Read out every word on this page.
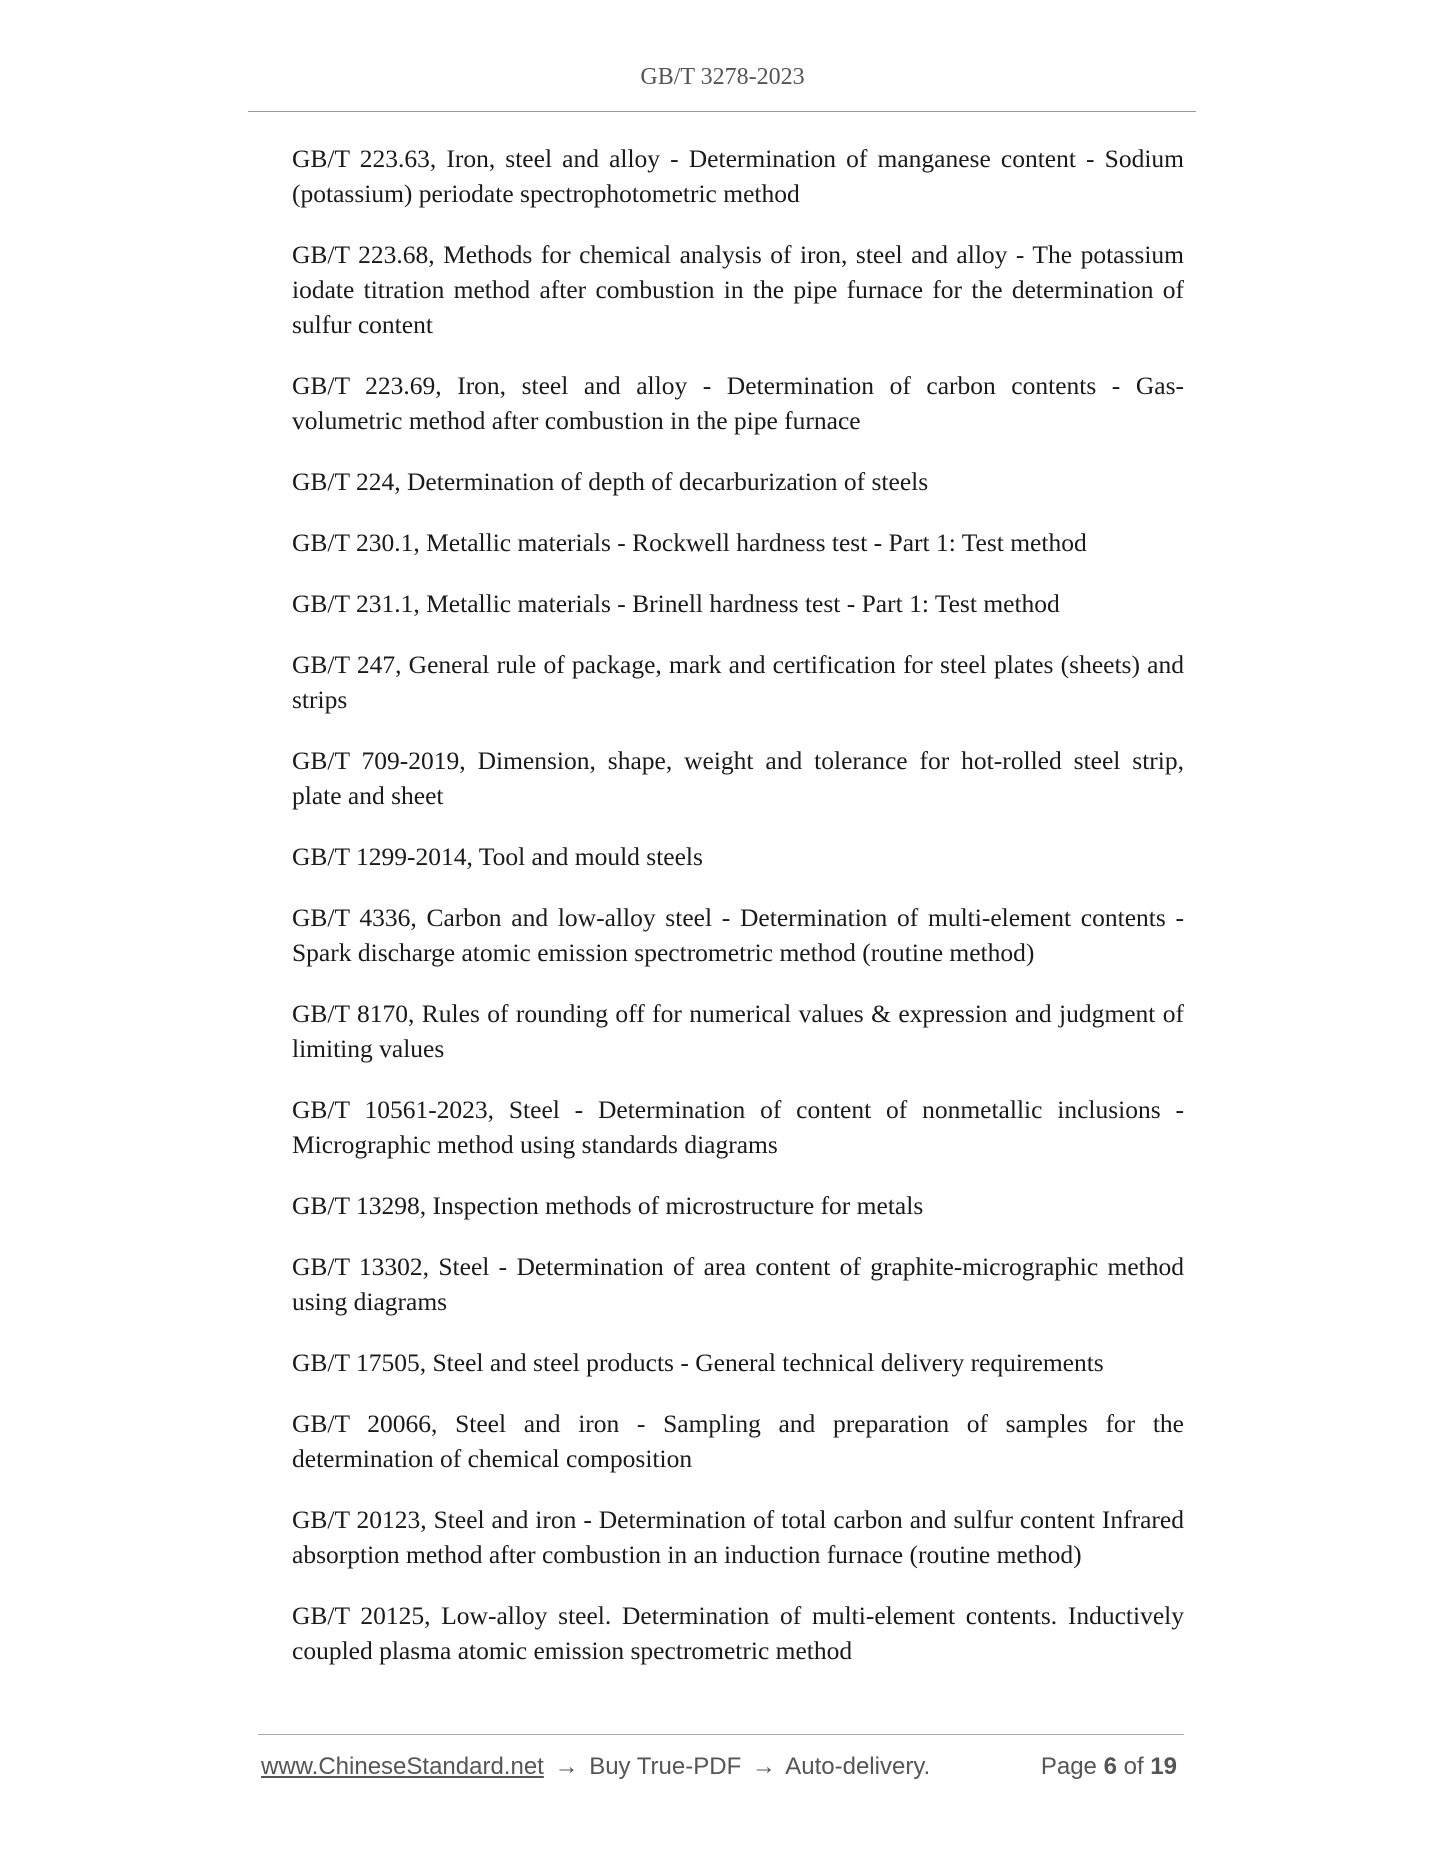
GB/T 3278-2023

GB/T 223.63, Iron, steel and alloy - Determination of manganese content - Sodium (potassium) periodate spectrophotometric method

GB/T 223.68, Methods for chemical analysis of iron, steel and alloy - The potassium iodate titration method after combustion in the pipe furnace for the determination of sulfur content

GB/T 223.69, Iron, steel and alloy - Determination of carbon contents - Gas-volumetric method after combustion in the pipe furnace

GB/T 224, Determination of depth of decarburization of steels

GB/T 230.1, Metallic materials - Rockwell hardness test - Part 1: Test method

GB/T 231.1, Metallic materials - Brinell hardness test - Part 1: Test method

GB/T 247, General rule of package, mark and certification for steel plates (sheets) and strips

GB/T 709-2019, Dimension, shape, weight and tolerance for hot-rolled steel strip, plate and sheet

GB/T 1299-2014, Tool and mould steels

GB/T 4336, Carbon and low-alloy steel - Determination of multi-element contents - Spark discharge atomic emission spectrometric method (routine method)

GB/T 8170, Rules of rounding off for numerical values & expression and judgment of limiting values

GB/T 10561-2023, Steel - Determination of content of nonmetallic inclusions - Micrographic method using standards diagrams

GB/T 13298, Inspection methods of microstructure for metals

GB/T 13302, Steel - Determination of area content of graphite-micrographic method using diagrams

GB/T 17505, Steel and steel products - General technical delivery requirements

GB/T 20066, Steel and iron - Sampling and preparation of samples for the determination of chemical composition

GB/T 20123, Steel and iron - Determination of total carbon and sulfur content Infrared absorption method after combustion in an induction furnace (routine method)

GB/T 20125, Low-alloy steel. Determination of multi-element contents. Inductively coupled plasma atomic emission spectrometric method

www.ChineseStandard.net → Buy True-PDF → Auto-delivery.	Page 6 of 19
